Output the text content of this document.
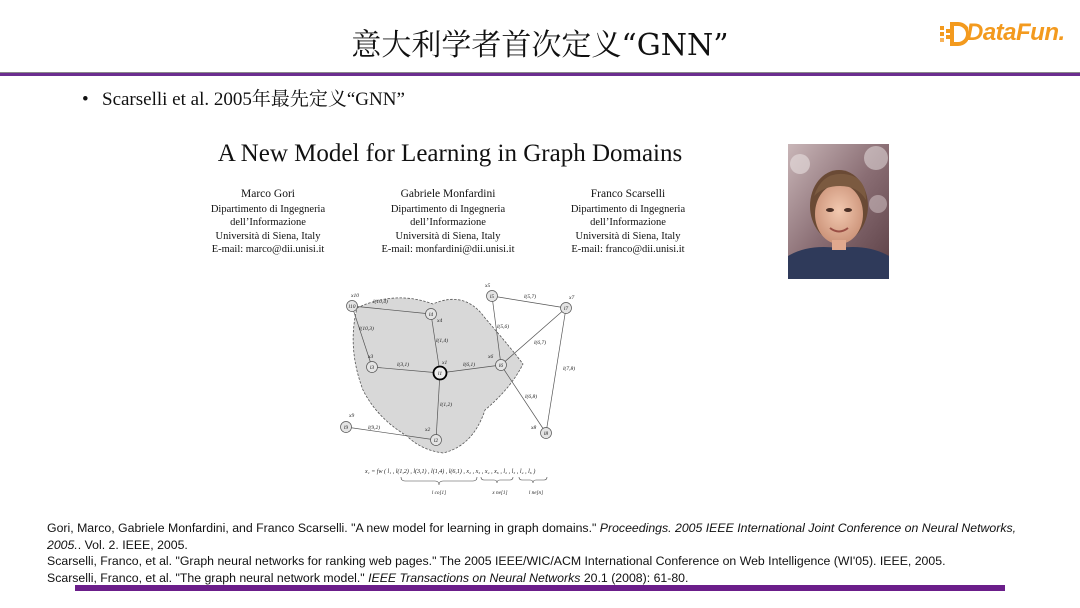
意大利学者首次定义“GNN”	DataFun.
• Scarselli et al. 2005年最先定义“GNN”
A New Model for Learning in Graph Domains
Marco Gori
Dipartimento di Ingegneria
dell’Informazione
Università di Siena, Italy
E-mail: marco@dii.unisi.it
Gabriele Monfardini
Dipartimento di Ingegneria
dell’Informazione
Università di Siena, Italy
E-mail: monfardini@dii.unisi.it
Franco Scarselli
Dipartimento di Ingegneria
dell’Informazione
Università di Siena, Italy
E-mail: franco@dii.unisi.it
l10
l4
l3
l1
l6
l5
l7
l9
l2
l8
x10
x4
x3
x1
x6
x5
x7
x9
x2	x8
l(10,4)
l(10,3)
l(1,4)
l(3,1)	l(6,1)
l(5,6)
l(5,7)
l(6,7)
l(7,8)
l(6,8)
l(1,2)
l(9,2)
x₁ = fw ( l₁ , l(1,2) , l(3,1) , l(1,4) , l(6,1) , x₂ , x₃ , x₄ , x₆ , l₂ , l₃ , l₄ , l₆ )
l co[1]	x ne[1]	l ne[n]

Gori, Marco, Gabriele Monfardini, and Franco Scarselli. "A new model for learning in graph domains." Proceedings. 2005 IEEE International Joint Conference on Neural Networks, 2005.. Vol. 2. IEEE, 2005.

Scarselli, Franco, et al. "Graph neural networks for ranking web pages." The 2005 IEEE/WIC/ACM International Conference on Web Intelligence (WI'05). IEEE, 2005.

Scarselli, Franco, et al. "The graph neural network model." IEEE Transactions on Neural Networks 20.1 (2008): 61-80.
